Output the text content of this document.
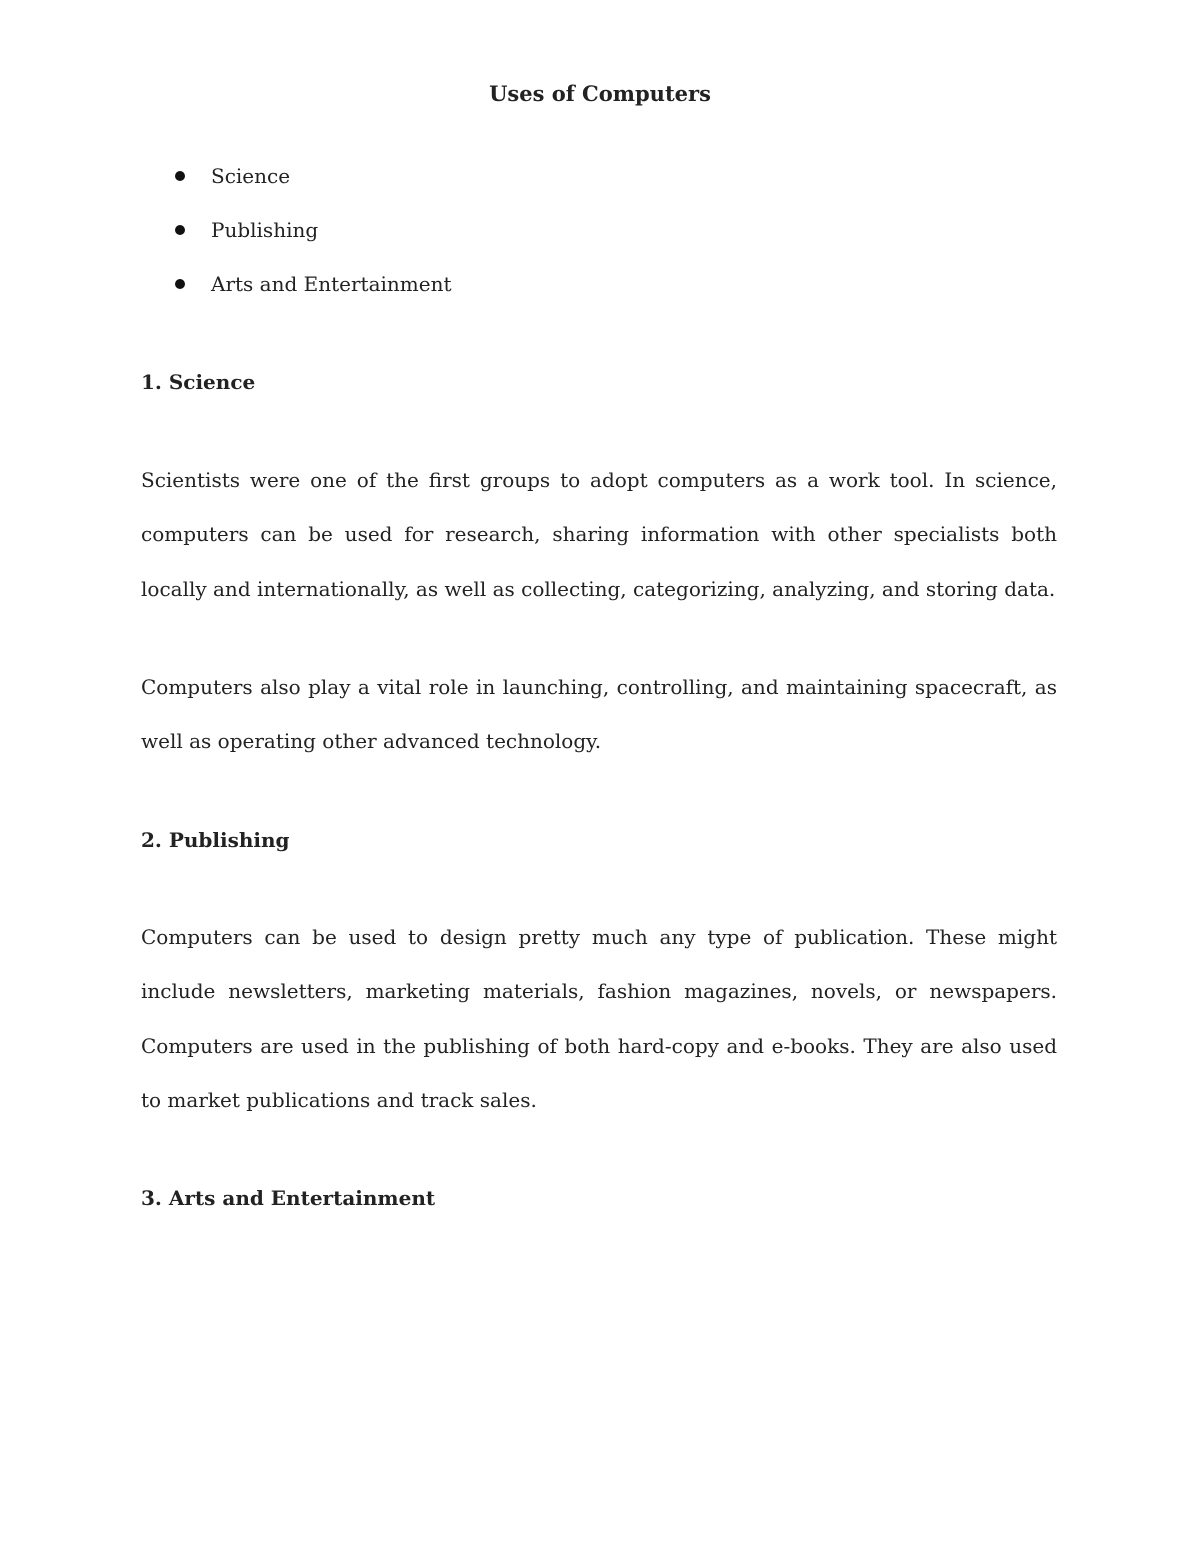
Uses of Computers
Science
Publishing
Arts and Entertainment
1. Science

Scientists were one of the first groups to adopt computers as a work tool. In science, computers can be used for research, sharing information with other specialists both locally and internationally, as well as collecting, categorizing, analyzing, and storing data.

Computers also play a vital role in launching, controlling, and maintaining spacecraft, as well as operating other advanced technology.

2. Publishing

Computers can be used to design pretty much any type of publication. These might include newsletters, marketing materials, fashion magazines, novels, or newspapers. Computers are used in the publishing of both hard-copy and e-books. They are also used to market publications and track sales.

3. Arts and Entertainment
